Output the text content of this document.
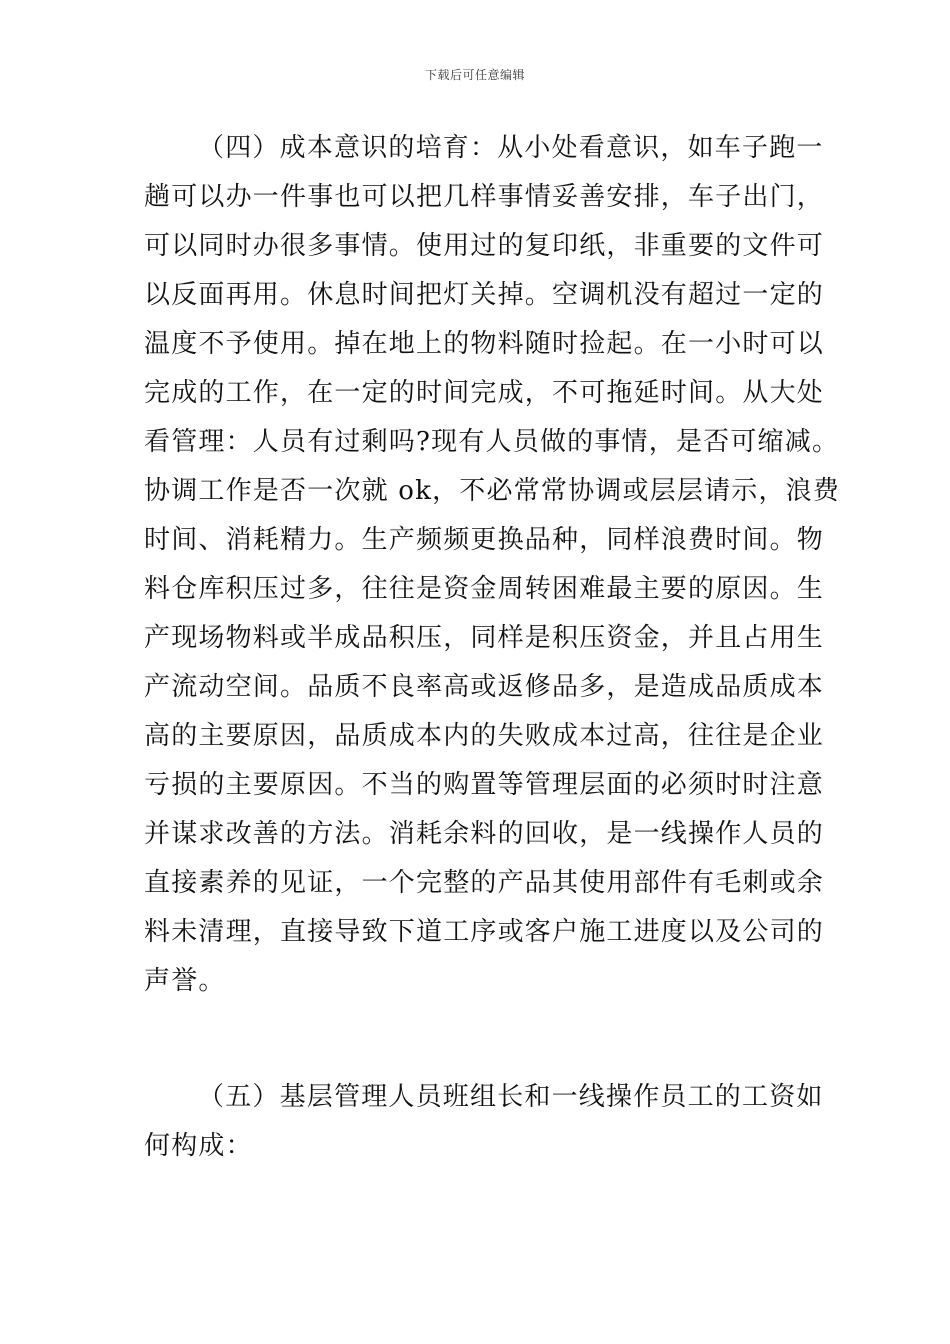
下载后可任意编辑
（四）成本意识的培育：从小处看意识，如车子跑一
趟可以办一件事也可以把几样事情妥善安排，车子出门，
可以同时办很多事情。使用过的复印纸，非重要的文件可
以反面再用。休息时间把灯关掉。空调机没有超过一定的
温度不予使用。掉在地上的物料随时捡起。在一小时可以
完成的工作，在一定的时间完成，不可拖延时间。从大处
看管理：人员有过剩吗?现有人员做的事情，是否可缩减。
协调工作是否一次就 ok，不必常常协调或层层请示，浪费
时间、消耗精力。生产频频更换品种，同样浪费时间。物
料仓库积压过多，往往是资金周转困难最主要的原因。生
产现场物料或半成品积压，同样是积压资金，并且占用生
产流动空间。品质不良率高或返修品多，是造成品质成本
高的主要原因，品质成本内的失败成本过高，往往是企业
亏损的主要原因。不当的购置等管理层面的必须时时注意
并谋求改善的方法。消耗余料的回收，是一线操作人员的
直接素养的见证，一个完整的产品其使用部件有毛刺或余
料未清理，直接导致下道工序或客户施工进度以及公司的
声誉。
（五）基层管理人员班组长和一线操作员工的工资如
何构成：
